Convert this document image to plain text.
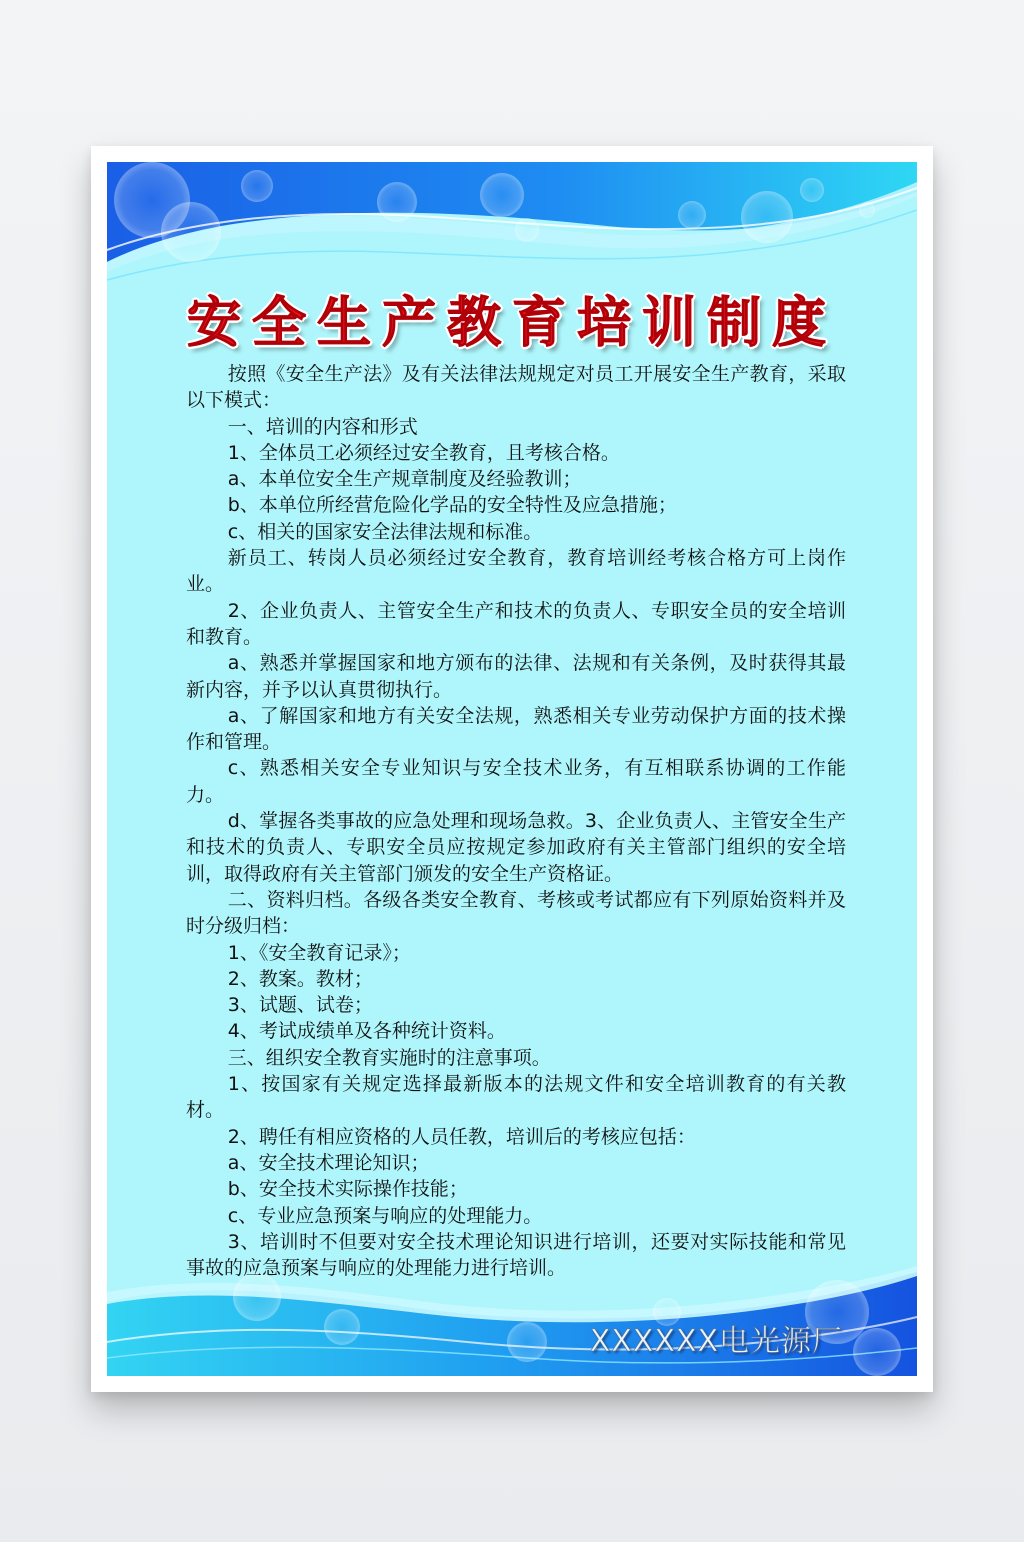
安全生产教育培训制度

按照《安全生产法》及有关法律法规规定对员工开展安全生产教育，采取以下模式：

一、培训的内容和形式

1、全体员工必须经过安全教育，且考核合格。

a、本单位安全生产规章制度及经验教训；

b、本单位所经营危险化学品的安全特性及应急措施；

c、相关的国家安全法律法规和标准。

新员工、转岗人员必须经过安全教育，教育培训经考核合格方可上岗作业。

2、企业负责人、主管安全生产和技术的负责人、专职安全员的安全培训和教育。

a、熟悉并掌握国家和地方颁布的法律、法规和有关条例，及时获得其最新内容，并予以认真贯彻执行。

a、了解国家和地方有关安全法规，熟悉相关专业劳动保护方面的技术操作和管理。

c、熟悉相关安全专业知识与安全技术业务，有互相联系协调的工作能力。

d、掌握各类事故的应急处理和现场急救。3、企业负责人、主管安全生产和技术的负责人、专职安全员应按规定参加政府有关主管部门组织的安全培训，取得政府有关主管部门颁发的安全生产资格证。

二、资料归档。各级各类安全教育、考核或考试都应有下列原始资料并及时分级归档：

1、《安全教育记录》；

2、教案。教材；

3、试题、试卷；

4、考试成绩单及各种统计资料。

三、组织安全教育实施时的注意事项。

1、按国家有关规定选择最新版本的法规文件和安全培训教育的有关教材。

2、聘任有相应资格的人员任教，培训后的考核应包括：

a、安全技术理论知识；

b、安全技术实际操作技能；

c、专业应急预案与响应的处理能力。

3、培训时不但要对安全技术理论知识进行培训，还要对实际技能和常见事故的应急预案与响应的处理能力进行培训。

XXXXXX电光源厂
